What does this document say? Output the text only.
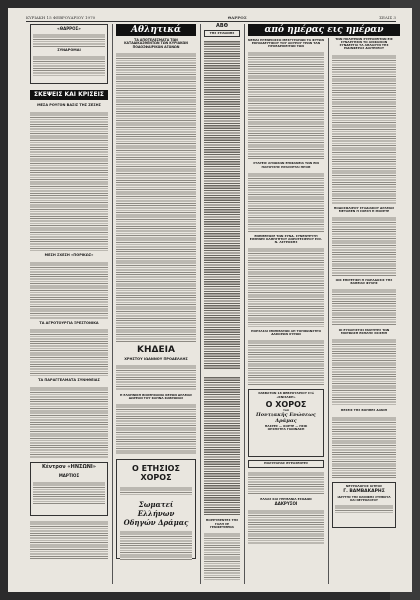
ΚΥΡΙΑΚΗ 15 ΦΕΒΡΟΥΑΡΙΟΥ 1970	ΘΑΡΡΟΣ	ΣΕΛΙΣ 3
«ΘΑΡΡΟΣ»
ΣΥΝΔΡΟΜΑΙ
ΣΚΕΨΕΙΣ ΚΑΙ ΚΡΙΣΕΙΣ
ΜΕΣΑ ΡΟΥΓΟΝ ΒΑΣΙΣ ΤΗΣ ΖΕΣΗΣ
ΜΕΣΗ ΣΧΕΣΗ «ΠΟΡΙΚΩΣ»
ΤΑ ΑΓΡΟΤΟΥΡΓΙΑ ΞΡΕΣΤΟΝΙΚΑ
ΤΑ ΠΑΡΑΓΓΕΛΜΑΤΑ ΣΥΝΗΘΕΙΑΣ
Κέντρον «ΗΝΣΩΝΙ»
ΜΑΡΤΙΟΣ
Αθλητικά
ΤΑ ΑΠΟΤΕΛΕΣΜΑΤΑ ΤΩΝ ΚΑΤΑΔΙΚΑΣΘΕΝΤΩΝ ΤΩΝ ΚΥΡΙΑΚΩΝ ΠΟΔΟΣΦΑΙΡΙΚΩΝ ΑΓΩΝΩΝ
ΚΗΔΕΙΑ
ΧΡΗΣΤΟΥ ΙΩΑΝΝΟΥ ΠΡΟΔΕΛΛΗΣ
Η ΕΛΛΗΝΙΚΗ ΒΙΟΜΗΧΑΝΙΑ ΚΕΡΩΝ ΔΡΑΜΑΣ ΔΩΡΕΑΝ ΤΟΥ ΚΑΠΝΑ ΚΑΒΡΩΝΑΣ
Ο ΕΤΗΣΙΟΣ ΧΟΡΟΣ
Σωματεί Ελλήνων
Οδηγών Δράμας
ΑΒΘ
ΤΗΣ ΣΤΙΛΑΝΗΣ
ΠΟΡΕΥΘΕΝΤΕΣ ΤΗΣ ΓΑΛΗ ΣΕ ΓΕΝΙΚΕΥΜΕΝΑ
από ημέρας εις ημέραν
ΝΕΜΑΙ ΗΓΕΝΕΙΟΣΣΟ ΜΕΣΓΥΡΑΠΩΝ ΤΑ ΦΥΤΩΝ ΕΚΠΑΙΔΕΥΤΙΚΟΥ ΤΟΥ ΑΟΥΡΟΥ ΤΡΩΝ ΤΑΝ ΠΡΟΕΔΡΙΚΕΙΤΩΝ ΤΩΝ
ΣΤΑΡΕΙΣ ΑΓΝΩΣΩΝ ΕΠΙΦΑΝΕΙΑ ΤΩΝ ΕΙΝ ΠΑΡΟΥΣΗΣ ΠΡΑΣΣΕΤΑΙ ΠΡΟΘ
ΕΝΗΜΕΡΩΣΕ ΤΩΝ ΣΥΝΔ. ΣΥΝΕΝΤΕΥΞΗ ΕΙΜΗΝΕΣ ΚΑΘΗΓΗΤΟΥ ΑΝΡΟΤΕΣΙΕΡΟΥ ΕΣΣ. Ν. ΑΣΤΡΟΚΗΣ
ΠΟΡΣΑΣΑΙ ΜΝΗΜΑΡΩΝ ΑΠ ΤΟΠΙΚΩΝΣΤΡΟ ΔΑΚΟΡΩΝ ΧΥΡΩΝ
ΣΑΒΒΑΤΟΝ 18 ΦΕΒΡΟΥΑΡΙΟΥ Στό «ΚΝΙΣΑΚΗ»
Ο ΧΟΡΟΣ
τοῦ
Ποντιακῆς Ενώσεως Δράμας
ΗΑΣΡΕΣ — ΧΟΡΤΕ — ΗΣΙΚ
ΟΡΧΗΣΤΡΑ ΓΙΑΝΝΑΚΗ
ΠΟΛΥΡΑΠΑΣ ΘΥΡΑΣΕΝΤΕΣ
ΕΛΛΑΣ ΚΑΙ ΓΕΡΜΑΝΙΑ ΕΣΟΔΩΝ
ΔΑΚΡΥΣΟΙ
ΤΩΝ ΠΟΛΙΤΕΙΩΝ ΣΥΡΡΑΣΕΙΤΩΝ ΕΙΣ ΣΥΝΑΡΓΗΣΙΝ ΤΟ ΑΣΙΦΑΣΙΟΝ ΣΥΝΔΕΡΓΙΑ ΤΑ ΑΘΛΑΣΥΝ ΤΗΣ ΕΙΔΙΝΦΕΡΑΣ ΔΙΑΤΕΣΕΟΥ
ΠΟΔΟΣΦΑΙΡΟΥ ΣΤΑΔΙΑΚΟΥ ΔΡΑΜΑΣ ΜΕΤΑΘΕΝ Η ΣΧΕΣΗ Η ΜΟΣΕΤΕ
ΟΙΚ ΕΠΙΡΕΤΙΚΗ Η ΠΑΡΑΔΟΣΙΣ ΤΗΣ ΒΑΘΕΙΑΣ ΦΥΛΗΣ
ΟΙ ΕΥΧΑΡΙΣΤΙΣΙ ΜΑΡΗΤΕΣ ΤΩΝ ΜΟΡΦΩΣΗ ΕΚΠΛΗΣ ΣΧΙΣΜΗ
ΘΕΣΕΙΣ ΤΗΣ ΒΟΗΘΕΣ ΔΑΝΙΗ
ΝΕΥΡΟΛΟΓΟΣ ΙΑΤΡΟΣ
Γ. ΒΑΜΒΑΚΑΡΗΣ
ΙΔΡΥΤΗΣ ΤΗΣ ΚΛΙΝΙΚΗΣ ΣΥΜΒΟΥΛ ΚΑΙ ΝΕΥΡΟΛΟΓΟΥ
